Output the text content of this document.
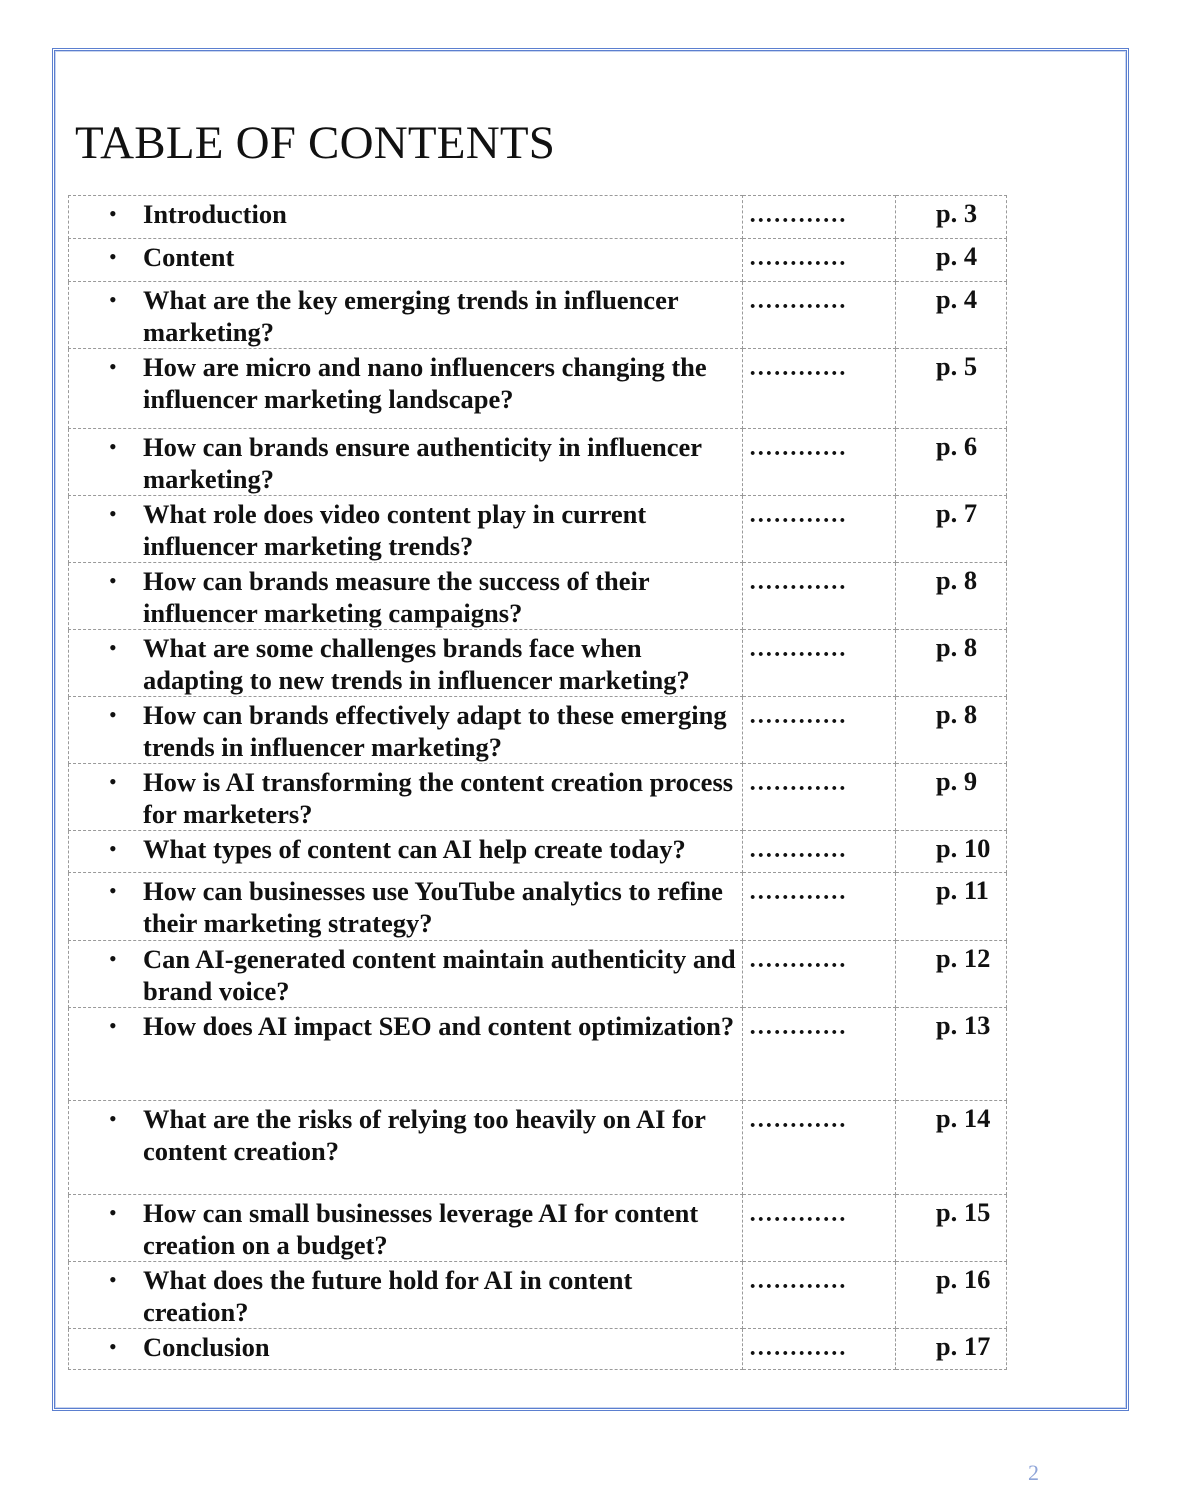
TABLE OF CONTENTS
• Introduction	…………	p. 3

• Content	…………	p. 4

• What are the key emerging trends in influencer marketing?	…………	p. 4

• How are micro and nano influencers changing the influencer marketing landscape?	…………	p. 5

• How can brands ensure authenticity in influencer marketing?	…………	p. 6

• What role does video content play in current influencer marketing trends?	…………	p. 7

• How can brands measure the success of their influencer marketing campaigns?	…………	p. 8

• What are some challenges brands face when adapting to new trends in influencer marketing?	…………	p. 8

• How can brands effectively adapt to these emerging trends in influencer marketing?	…………	p. 8

• How is AI transforming the content creation process for marketers?	…………	p. 9

• What types of content can AI help create today?	…………	p. 10

• How can businesses use YouTube analytics to refine their marketing strategy?	…………	p. 11

• Can AI-generated content maintain authenticity and brand voice?	…………	p. 12

• How does AI impact SEO and content optimization?	…………	p. 13

• What are the risks of relying too heavily on AI for content creation?	…………	p. 14

• How can small businesses leverage AI for content creation on a budget?	…………	p. 15

• What does the future hold for AI in content creation?	…………	p. 16

• Conclusion	…………	p. 17
2
